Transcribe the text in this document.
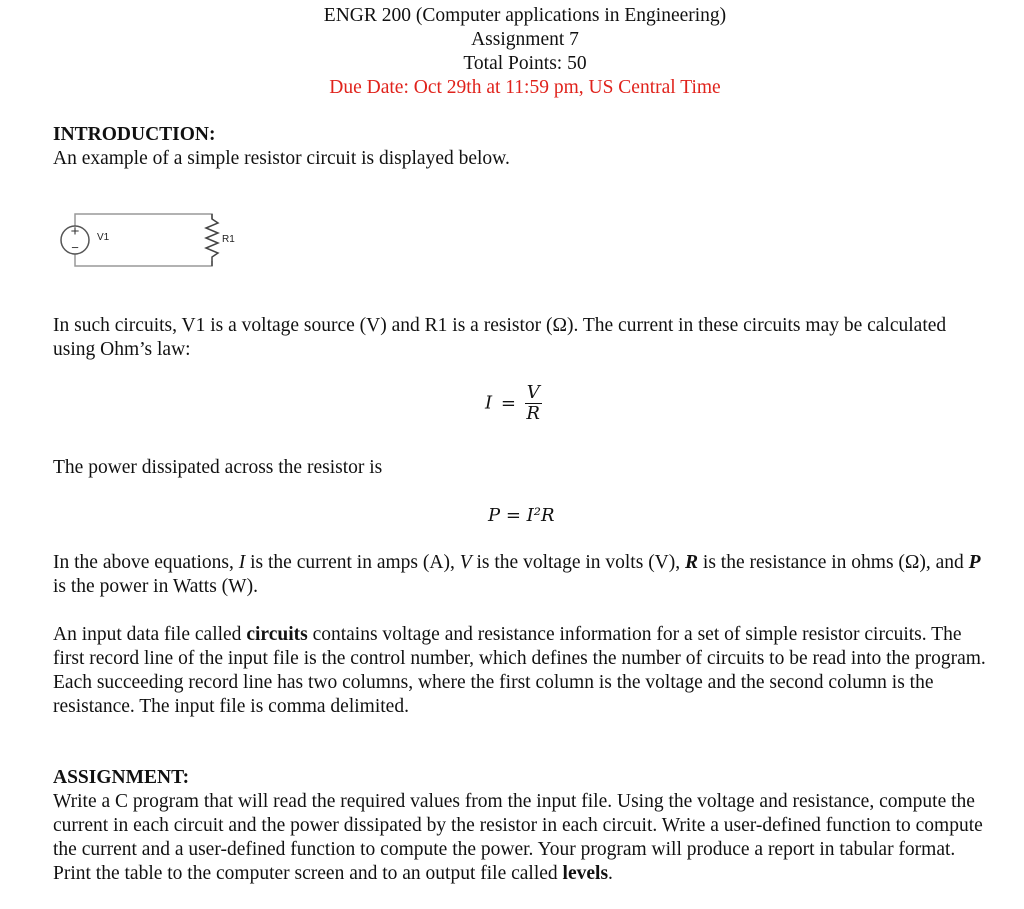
ENGR 200 (Computer applications in Engineering)
Assignment 7
Total Points: 50
Due Date: Oct 29th at 11:59 pm, US Central Time
INTRODUCTION:
An example of a simple resistor circuit is displayed below.
+
−
V1	R1
In such circuits, V1 is a voltage source (V) and R1 is a resistor (Ω). The current in these circuits may be calculated using Ohm’s law:
$I = \frac{V}{R}$
The power dissipated across the resistor is
P = I²R
In the above equations, I is the current in amps (A), V is the voltage in volts (V), R is the resistance in ohms (Ω), and P is the power in Watts (W).
An input data file called circuits contains voltage and resistance information for a set of simple resistor circuits. The first record line of the input file is the control number, which defines the number of circuits to be read into the program. Each succeeding record line has two columns, where the first column is the voltage and the second column is the resistance. The input file is comma delimited.
ASSIGNMENT:
Write a C program that will read the required values from the input file. Using the voltage and resistance, compute the current in each circuit and the power dissipated by the resistor in each circuit. Write a user-defined function to compute the current and a user-defined function to compute the power. Your program will produce a report in tabular format. Print the table to the computer screen and to an output file called levels.
